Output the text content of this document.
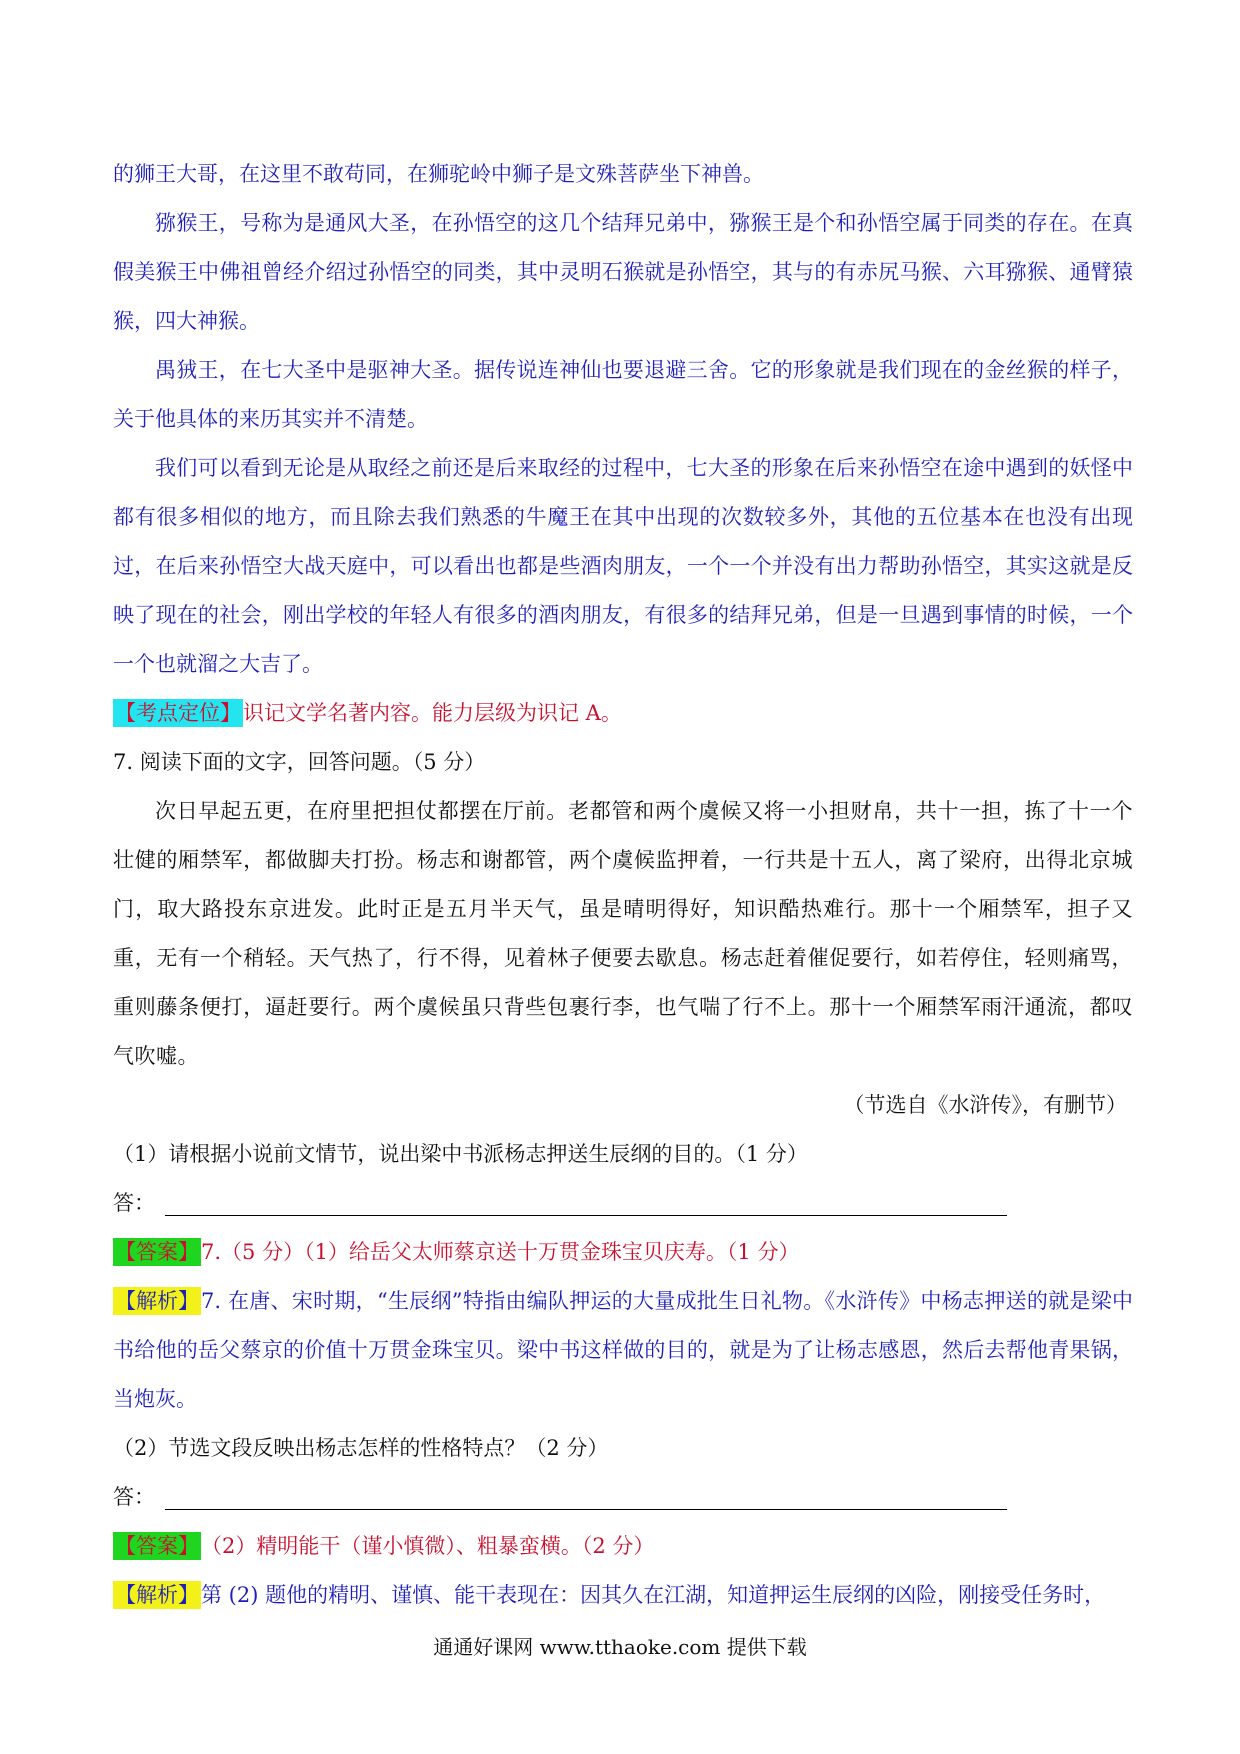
的狮王大哥，在这里不敢苟同，在狮驼岭中狮子是文殊菩萨坐下神兽。

猕猴王，号称为是通风大圣，在孙悟空的这几个结拜兄弟中，猕猴王是个和孙悟空属于同类的存在。在真假美猴王中佛祖曾经介绍过孙悟空的同类，其中灵明石猴就是孙悟空，其与的有赤尻马猴、六耳猕猴、通臂猿猴，四大神猴。

禺狨王，在七大圣中是驱神大圣。据传说连神仙也要退避三舍。它的形象就是我们现在的金丝猴的样子，关于他具体的来历其实并不清楚。

我们可以看到无论是从取经之前还是后来取经的过程中，七大圣的形象在后来孙悟空在途中遇到的妖怪中都有很多相似的地方，而且除去我们熟悉的牛魔王在其中出现的次数较多外，其他的五位基本在也没有出现过，在后来孙悟空大战天庭中，可以看出也都是些酒肉朋友，一个一个并没有出力帮助孙悟空，其实这就是反映了现在的社会，刚出学校的年轻人有很多的酒肉朋友，有很多的结拜兄弟，但是一旦遇到事情的时候，一个一个也就溜之大吉了。

【考点定位】识记文学名著内容。能力层级为识记 A。

7. 阅读下面的文字，回答问题。（5 分）

次日早起五更，在府里把担仗都摆在厅前。老都管和两个虞候又将一小担财帛，共十一担，拣了十一个壮健的厢禁军，都做脚夫打扮。杨志和谢都管，两个虞候监押着，一行共是十五人，离了梁府，出得北京城门，取大路投东京进发。此时正是五月半天气，虽是晴明得好，知识酷热难行。那十一个厢禁军，担子又重，无有一个稍轻。天气热了，行不得，见着林子便要去歇息。杨志赶着催促要行，如若停住，轻则痛骂，重则藤条便打，逼赶要行。两个虞候虽只背些包裹行李，也气喘了行不上。那十一个厢禁军雨汗通流，都叹气吹嘘。

（节选自《水浒传》，有删节）

（1）请根据小说前文情节，说出梁中书派杨志押送生辰纲的目的。（1 分）

答：

【答案】7.（5 分）（1）给岳父太师蔡京送十万贯金珠宝贝庆寿。（1 分）

【解析】7. 在唐、宋时期，“生辰纲”特指由编队押运的大量成批生日礼物。《水浒传》中杨志押送的就是梁中书给他的岳父蔡京的价值十万贯金珠宝贝。梁中书这样做的目的，就是为了让杨志感恩，然后去帮他青果锅，当炮灰。

（2）节选文段反映出杨志怎样的性格特点？（2 分）

答：

【答案】（2）精明能干（谨小慎微）、粗暴蛮横。（2 分）

【解析】第 (2) 题他的精明、谨慎、能干表现在：因其久在江湖，知道押运生辰纲的凶险，刚接受任务时，

通通好课网 www.tthaoke.com 提供下载
